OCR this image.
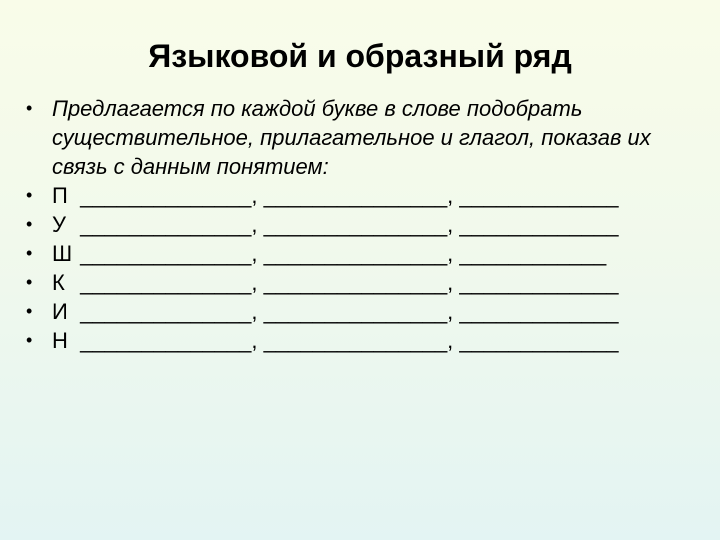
Языковой и образный ряд
• Предлагается по каждой букве в слове подобрать существительное, прилагательное и глагол, показав их связь с данным понятием:
• П ______________, _______________, _____________
• У ______________, _______________, _____________
• Ш ______________, _______________, ____________
• К ______________, _______________, _____________
• И ______________, _______________, _____________
• Н ______________, _______________, _____________
